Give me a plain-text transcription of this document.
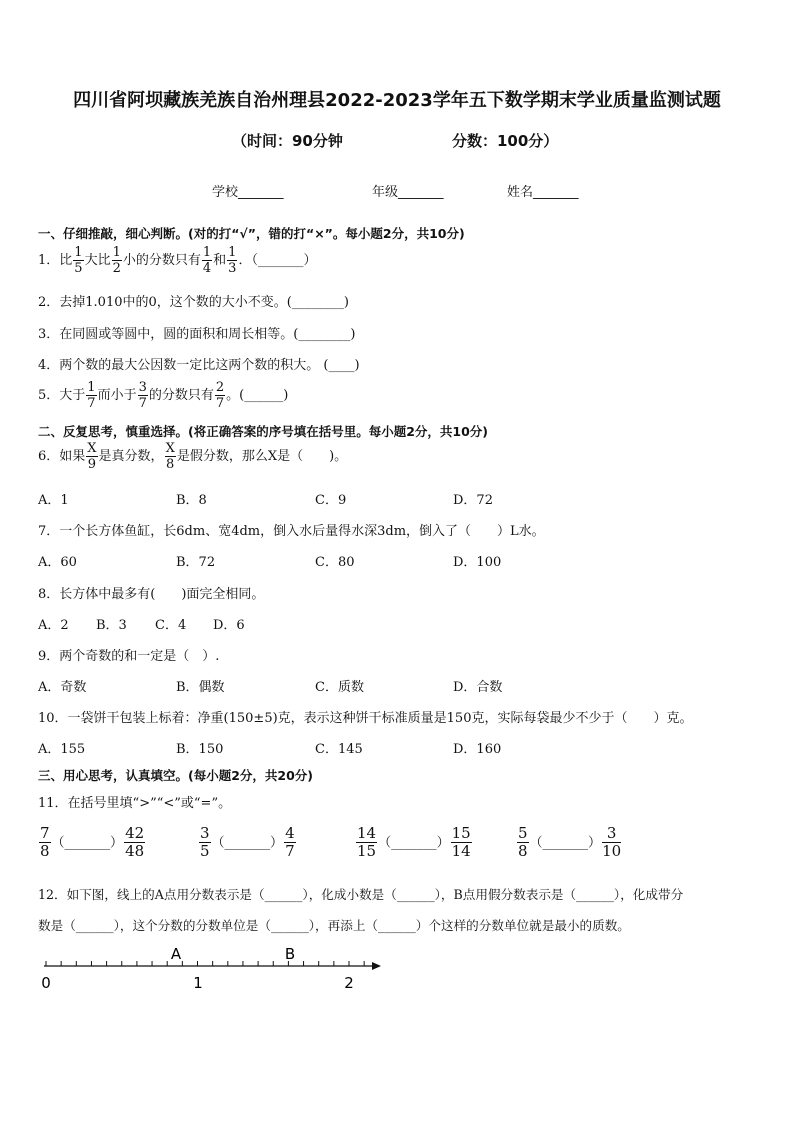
四川省阿坝藏族羌族自治州理县2022-2023学年五下数学期末学业质量监测试题
（时间：90分钟	分数：100分）
学校_______	年级_______	姓名_______
一、仔细推敲，细心判断。(对的打“√”，错的打“×”。每小题2分，共10分)
1．比 $\frac{1}{5}$ 大比 $\frac{1}{2}$ 小的分数只有 $\frac{1}{4}$ 和 $\frac{1}{3}$ ．（_______）
2．去掉1.010中的0，这个数的大小不变。(________)
3．在同圆或等圆中，圆的面积和周长相等。(________)
4．两个数的最大公因数一定比这两个数的积大。 (____)
5．大于 $\frac{1}{7}$ 而小于 $\frac{3}{7}$ 的分数只有 $\frac{2}{7}$ 。(______)
二、反复思考，慎重选择。(将正确答案的序号填在括号里。每小题2分，共10分)
6．如果 $\frac{X}{9}$ 是真分数， $\frac{X}{8}$ 是假分数，那么X是（　　)。
A．1	B．8	C．9	D．72
7．一个长方体鱼缸，长6dm、宽4dm，倒入水后量得水深3dm，倒入了（　　）L水。
A．60	B．72	C．80	D．100
8．长方体中最多有(　　)面完全相同。
A．2 B．3 C．4 D．6
9．两个奇数的和一定是（　）.
A．奇数	B．偶数	C．质数	D．合数
10．一袋饼干包装上标着：净重(150±5)克，表示这种饼干标准质量是150克，实际每袋最少不少于（　　）克。
A．155	B．150	C．145	D．160
三、用心思考，认真填空。(每小题2分，共20分)
11．在括号里填“>”“<”或“=”。
$\frac{7}{8}$ （_______） $\frac{42}{48}$	$\frac{3}{5}$ （_______） $\frac{4}{7}$	$\frac{14}{15}$ （_______） $\frac{15}{14}$	$\frac{5}{8}$ （_______） $\frac{3}{10}$
12．如下图，线上的A点用分数表示是（______），化成小数是（______），B点用假分数表示是（______），化成带分
数是（______），这个分数的分数单位是（______），再添上（______）个这样的分数单位就是最小的质数。
A	B
0	1	2
